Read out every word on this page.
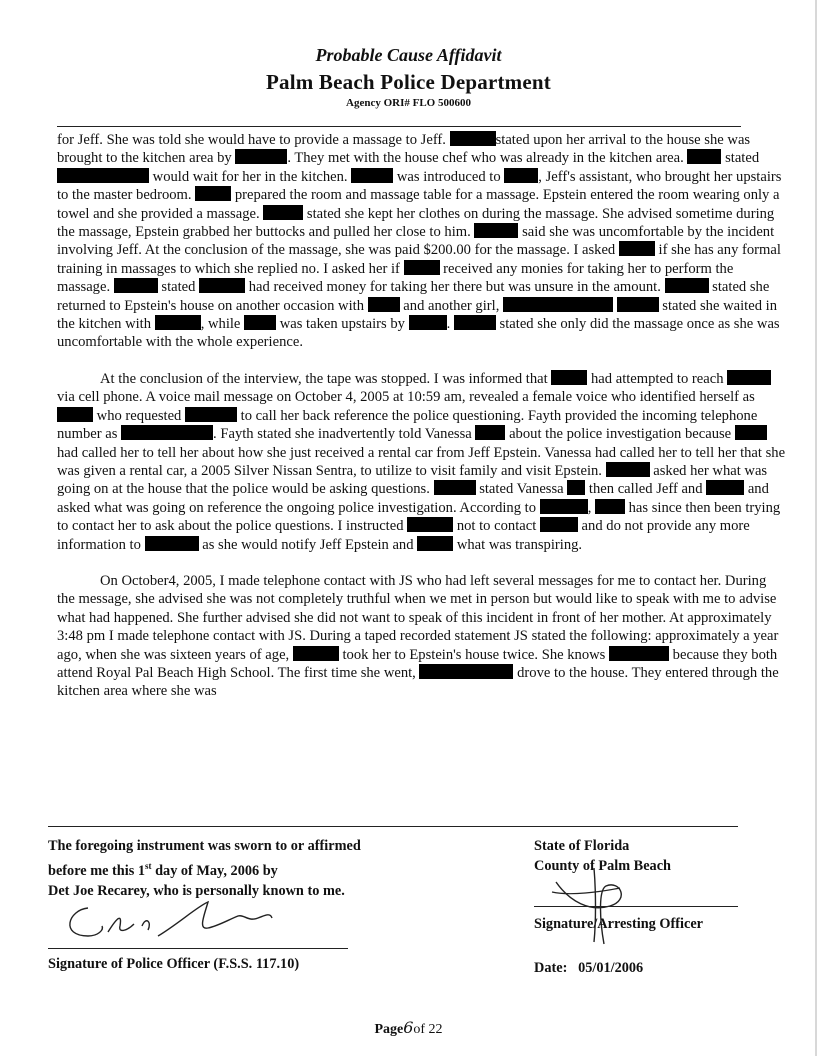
Probable Cause Affidavit
Palm Beach Police Department
Agency ORI# FLO 500600

for Jeff. She was told she would have to provide a massage to Jeff.	stated upon her arrival to the house she was brought to the kitchen area by	. They met with the house chef who was already in the kitchen area.  stated  would wait for her in the kitchen.	was introduced to , Jeff's assistant, who brought her upstairs to the master bedroom.  prepared the room and massage table for a massage. Epstein entered the room wearing only a towel and she provided a massage.	stated she kept her clothes on during the massage. She advised sometime during the massage, Epstein grabbed her buttocks and pulled her close to him.	said she was uncomfortable by the incident involving Jeff. At the conclusion of the massage, she was paid $200.00 for the massage. I asked  if she has any formal training in massages to which she replied no. I asked her if  received any monies for taking her to perform the massage.	stated	had received money for taking her there but was unsure in the amount.	stated she returned to Epstein's house on another occasion with  and another girl,	stated she waited in the kitchen with	, while  was taken upstairs by	.	stated she only did the massage once as she was uncomfortable with the whole experience.

At the conclusion of the interview, the tape was stopped. I was informed that  had attempted to reach  via cell phone. A voice mail message on October 4, 2005 at 10:59 am, revealed a female voice who identified herself as  who requested	to call her back reference the police questioning. Fayth provided the incoming telephone number as	. Fayth stated she inadvertently told Vanessa  about the police investigation because  had called her to tell her about how she just received a rental car from Jeff Epstein. Vanessa had called her to tell her that she was given a rental car, a 2005 Silver Nissan Sentra, to utilize to visit family and visit Epstein.	asked her what was going on at the house that the police would be asking questions.	stated Vanessa  then called Jeff and	and asked what was going on reference the ongoing police investigation. According to	,  has since then been trying to contact her to ask about the police questions. I instructed	not to contact	and do not provide any more information to	as she would notify Jeff Epstein and  what was transpiring.

On October4, 2005, I made telephone contact with JS who had left several messages for me to contact her. During the message, she advised she was not completely truthful when we met in person but would like to speak with me to advise what had happened. She further advised she did not want to speak of this incident in front of her mother. At approximately 3:48 pm I made telephone contact with JS. During a taped recorded statement JS stated the following: approximately a year ago, when she was sixteen years of age,	took her to Epstein's house twice. She knows	because they both attend Royal Pal Beach High School. The first time she went,	drove to the house. They entered through the kitchen area where she was

The foregoing instrument was sworn to or affirmed
before me this 1st day of May, 2006 by
Det Joe Recarey, who is personally known to me.
Signature of Police Officer (F.S.S. 117.10)
State of Florida
County of Palm Beach
Signature/Arresting Officer
Date: 05/01/2006
Page6of 22
